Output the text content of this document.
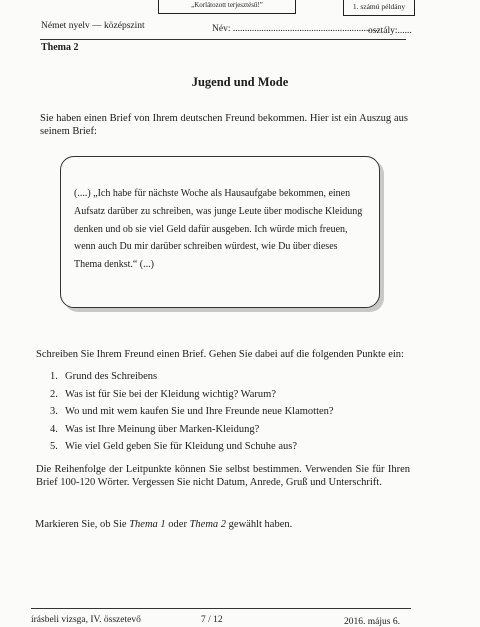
„Korlátozott terjesztésű!”	1. számú példány
Német nyelv — középszint	Név: ..............................................................
osztály:......
Thema 2
Jugend und Mode
Sie haben einen Brief von Ihrem deutschen Freund bekommen. Hier ist ein Auszug aus seinem Brief:
(....) „Ich habe für nächste Woche als Hausaufgabe bekommen, einen Aufsatz darüber zu schreiben, was junge Leute über modische Kleidung denken und ob sie viel Geld dafür ausgeben. Ich würde mich freuen, wenn auch Du mir darüber schreiben würdest, wie Du über dieses Thema denkst.“ (...)
Schreiben Sie Ihrem Freund einen Brief. Gehen Sie dabei auf die folgenden Punkte ein:
1. Grund des Schreibens
2. Was ist für Sie bei der Kleidung wichtig? Warum?
3. Wo und mit wem kaufen Sie und Ihre Freunde neue Klamotten?
4. Was ist Ihre Meinung über Marken-Kleidung?
5. Wie viel Geld geben Sie für Kleidung und Schuhe aus?
Die Reihenfolge der Leitpunkte können Sie selbst bestimmen. Verwenden Sie für Ihren Brief 100-120 Wörter. Vergessen Sie nicht Datum, Anrede, Gruß und Unterschrift.
Markieren Sie, ob Sie Thema 1 oder Thema 2 gewählt haben.
írásbeli vizsga, IV. összetevő	7 / 12	2016. május 6.
